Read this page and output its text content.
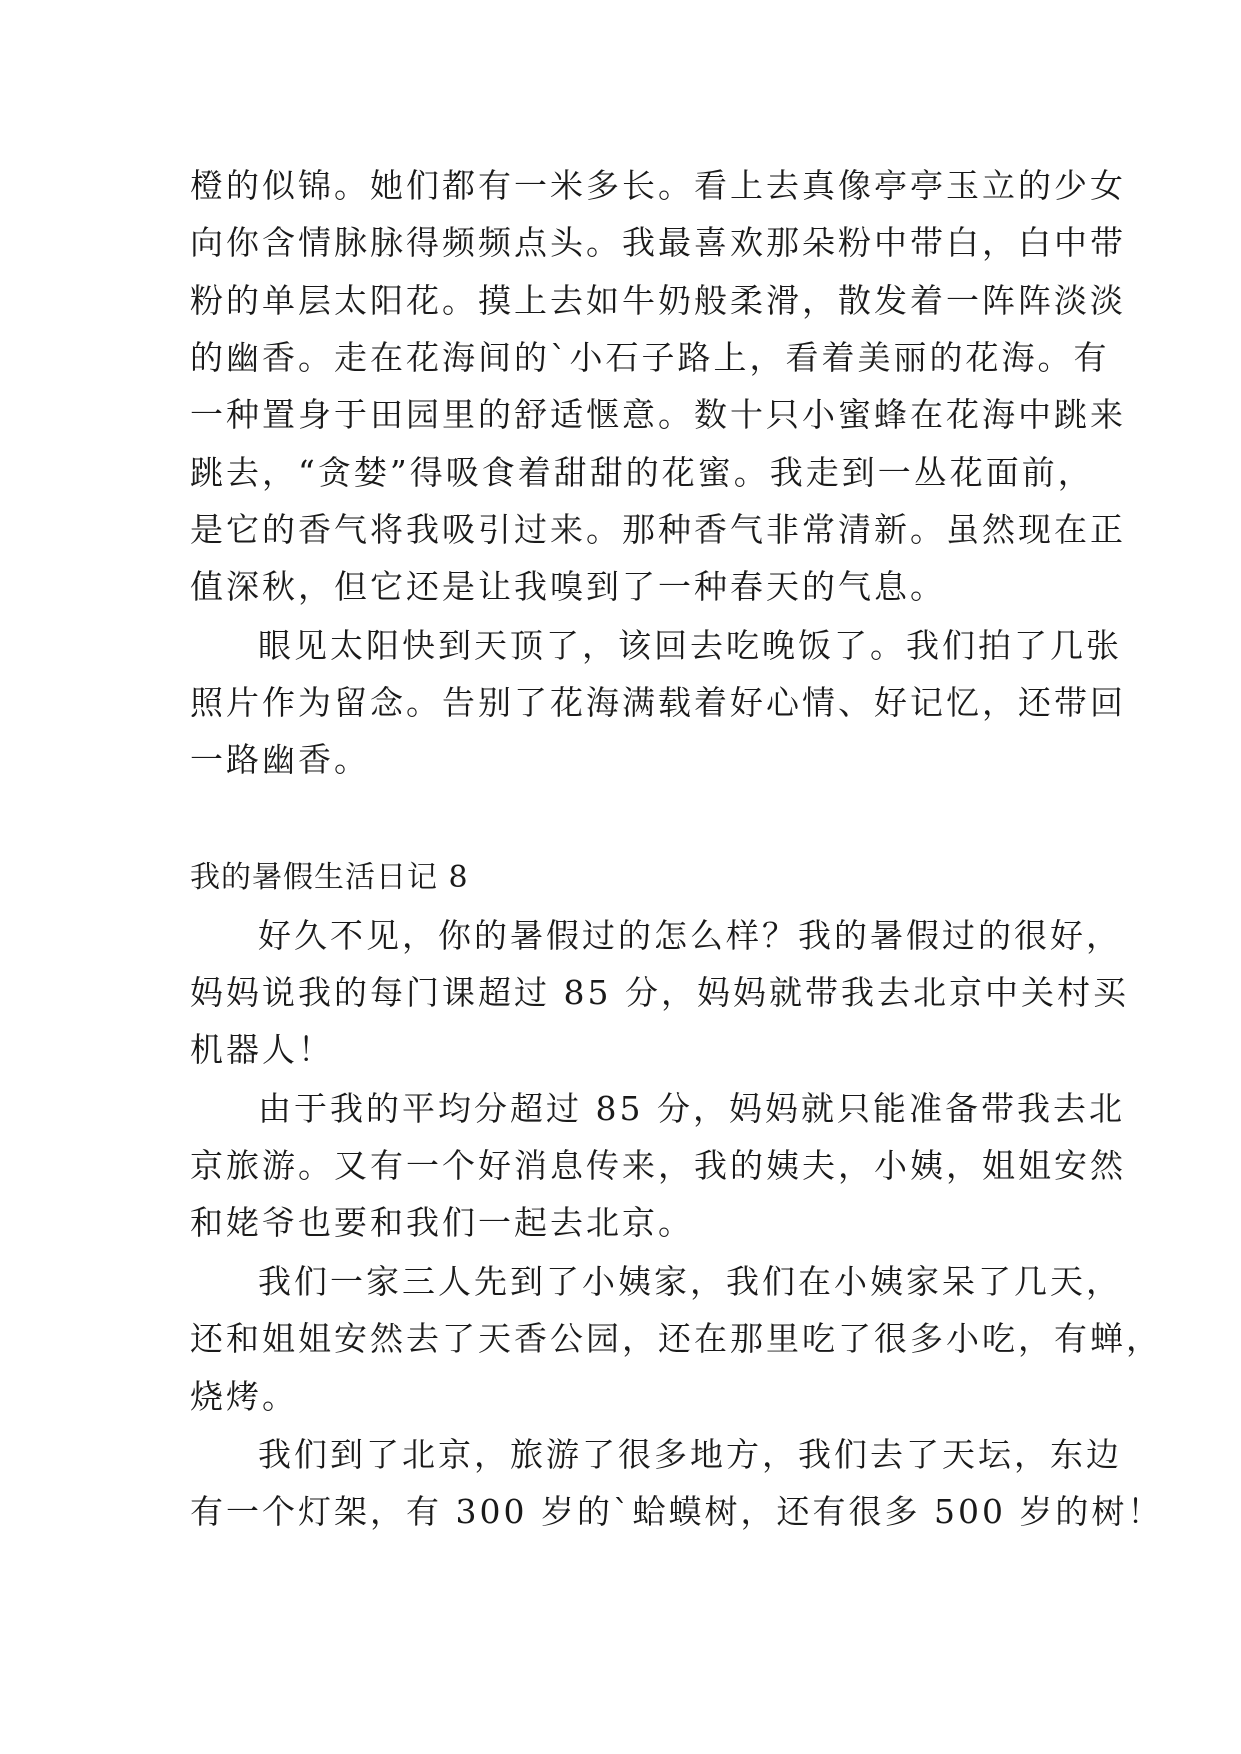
橙的似锦。她们都有一米多长。看上去真像亭亭玉立的少女
向你含情脉脉得频频点头。我最喜欢那朵粉中带白，白中带
粉的单层太阳花。摸上去如牛奶般柔滑，散发着一阵阵淡淡
的幽香。走在花海间的`小石子路上，看着美丽的花海。有
一种置身于田园里的舒适惬意。数十只小蜜蜂在花海中跳来
跳去，“贪婪”得吸食着甜甜的花蜜。我走到一丛花面前，
是它的香气将我吸引过来。那种香气非常清新。虽然现在正
值深秋，但它还是让我嗅到了一种春天的气息。
眼见太阳快到天顶了，该回去吃晚饭了。我们拍了几张
照片作为留念。告别了花海满载着好心情、好记忆，还带回
一路幽香。
我的暑假生活日记 8
好久不见，你的暑假过的怎么样？我的暑假过的很好，
妈妈说我的每门课超过 85 分，妈妈就带我去北京中关村买
机器人！
由于我的平均分超过 85 分，妈妈就只能准备带我去北
京旅游。又有一个好消息传来，我的姨夫，小姨，姐姐安然
和姥爷也要和我们一起去北京。
我们一家三人先到了小姨家，我们在小姨家呆了几天，
还和姐姐安然去了天香公园，还在那里吃了很多小吃，有蝉，
烧烤。
我们到了北京，旅游了很多地方，我们去了天坛，东边
有一个灯架，有 300 岁的`蛤蟆树，还有很多 500 岁的树！
